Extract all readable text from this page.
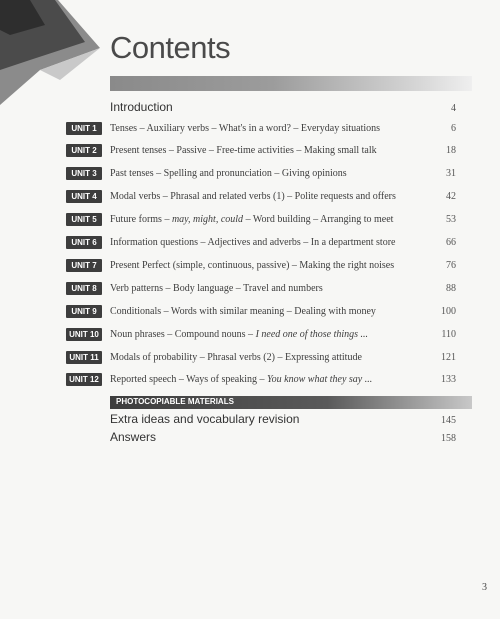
Contents
Introduction	4
UNIT 1	Tenses – Auxiliary verbs – What's in a word? – Everyday situations	6
UNIT 2	Present tenses – Passive – Free-time activities – Making small talk	18
UNIT 3	Past tenses – Spelling and pronunciation – Giving opinions	31
UNIT 4	Modal verbs – Phrasal and related verbs (1) – Polite requests and offers	42
UNIT 5	Future forms – may, might, could – Word building – Arranging to meet	53
UNIT 6	Information questions – Adjectives and adverbs – In a department store	66
UNIT 7	Present Perfect (simple, continuous, passive) – Making the right noises	76
UNIT 8	Verb patterns – Body language – Travel and numbers	88
UNIT 9	Conditionals – Words with similar meaning – Dealing with money	100
UNIT 10	Noun phrases – Compound nouns – I need one of those things ...	110
UNIT 11	Modals of probability – Phrasal verbs (2) – Expressing attitude	121
UNIT 12	Reported speech – Ways of speaking – You know what they say ...	133
PHOTOCOPIABLE MATERIALS
Extra ideas and vocabulary revision	145
Answers	158
3
